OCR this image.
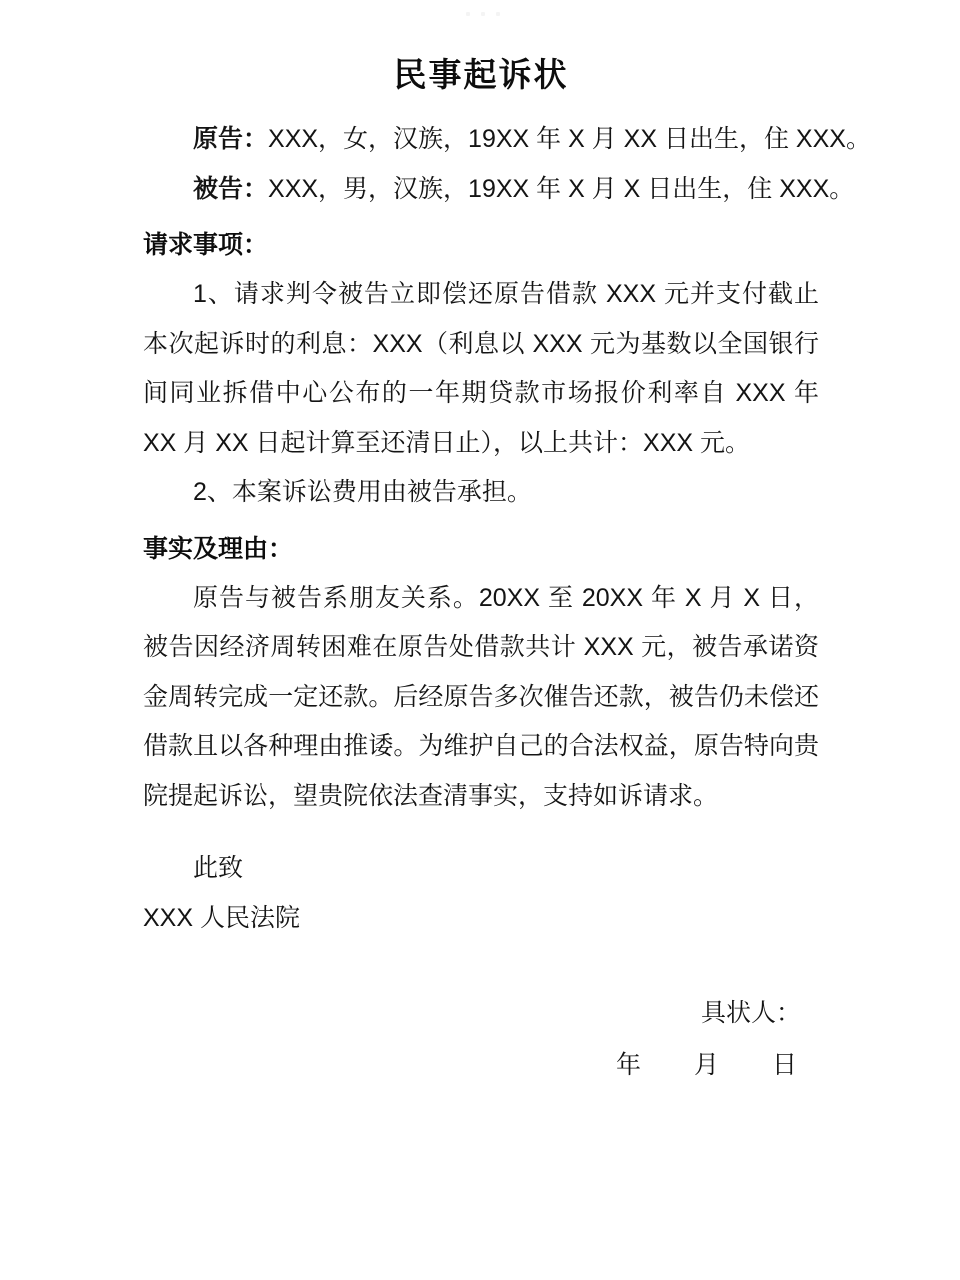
民事起诉状

原告：XXX，女，汉族，19XX 年 X 月 XX 日出生，住 XXX。

被告：XXX，男，汉族，19XX 年 X 月 X 日出生，住 XXX。

请求事项：

1、请求判令被告立即偿还原告借款 XXX 元并支付截止本次起诉时的利息：XXX（利息以 XXX 元为基数以全国银行间同业拆借中心公布的一年期贷款市场报价利率自 XXX 年 XX 月 XX 日起计算至还清日止），以上共计：XXX 元。

2、本案诉讼费用由被告承担。

事实及理由：

原告与被告系朋友关系。20XX 至 20XX 年 X 月 X 日，被告因经济周转困难在原告处借款共计 XXX 元，被告承诺资金周转完成一定还款。后经原告多次催告还款，被告仍未偿还借款且以各种理由推诿。为维护自己的合法权益，原告特向贵院提起诉讼，望贵院依法查清事实，支持如诉请求。

此致

XXX 人民法院

具状人：

年　月　日
